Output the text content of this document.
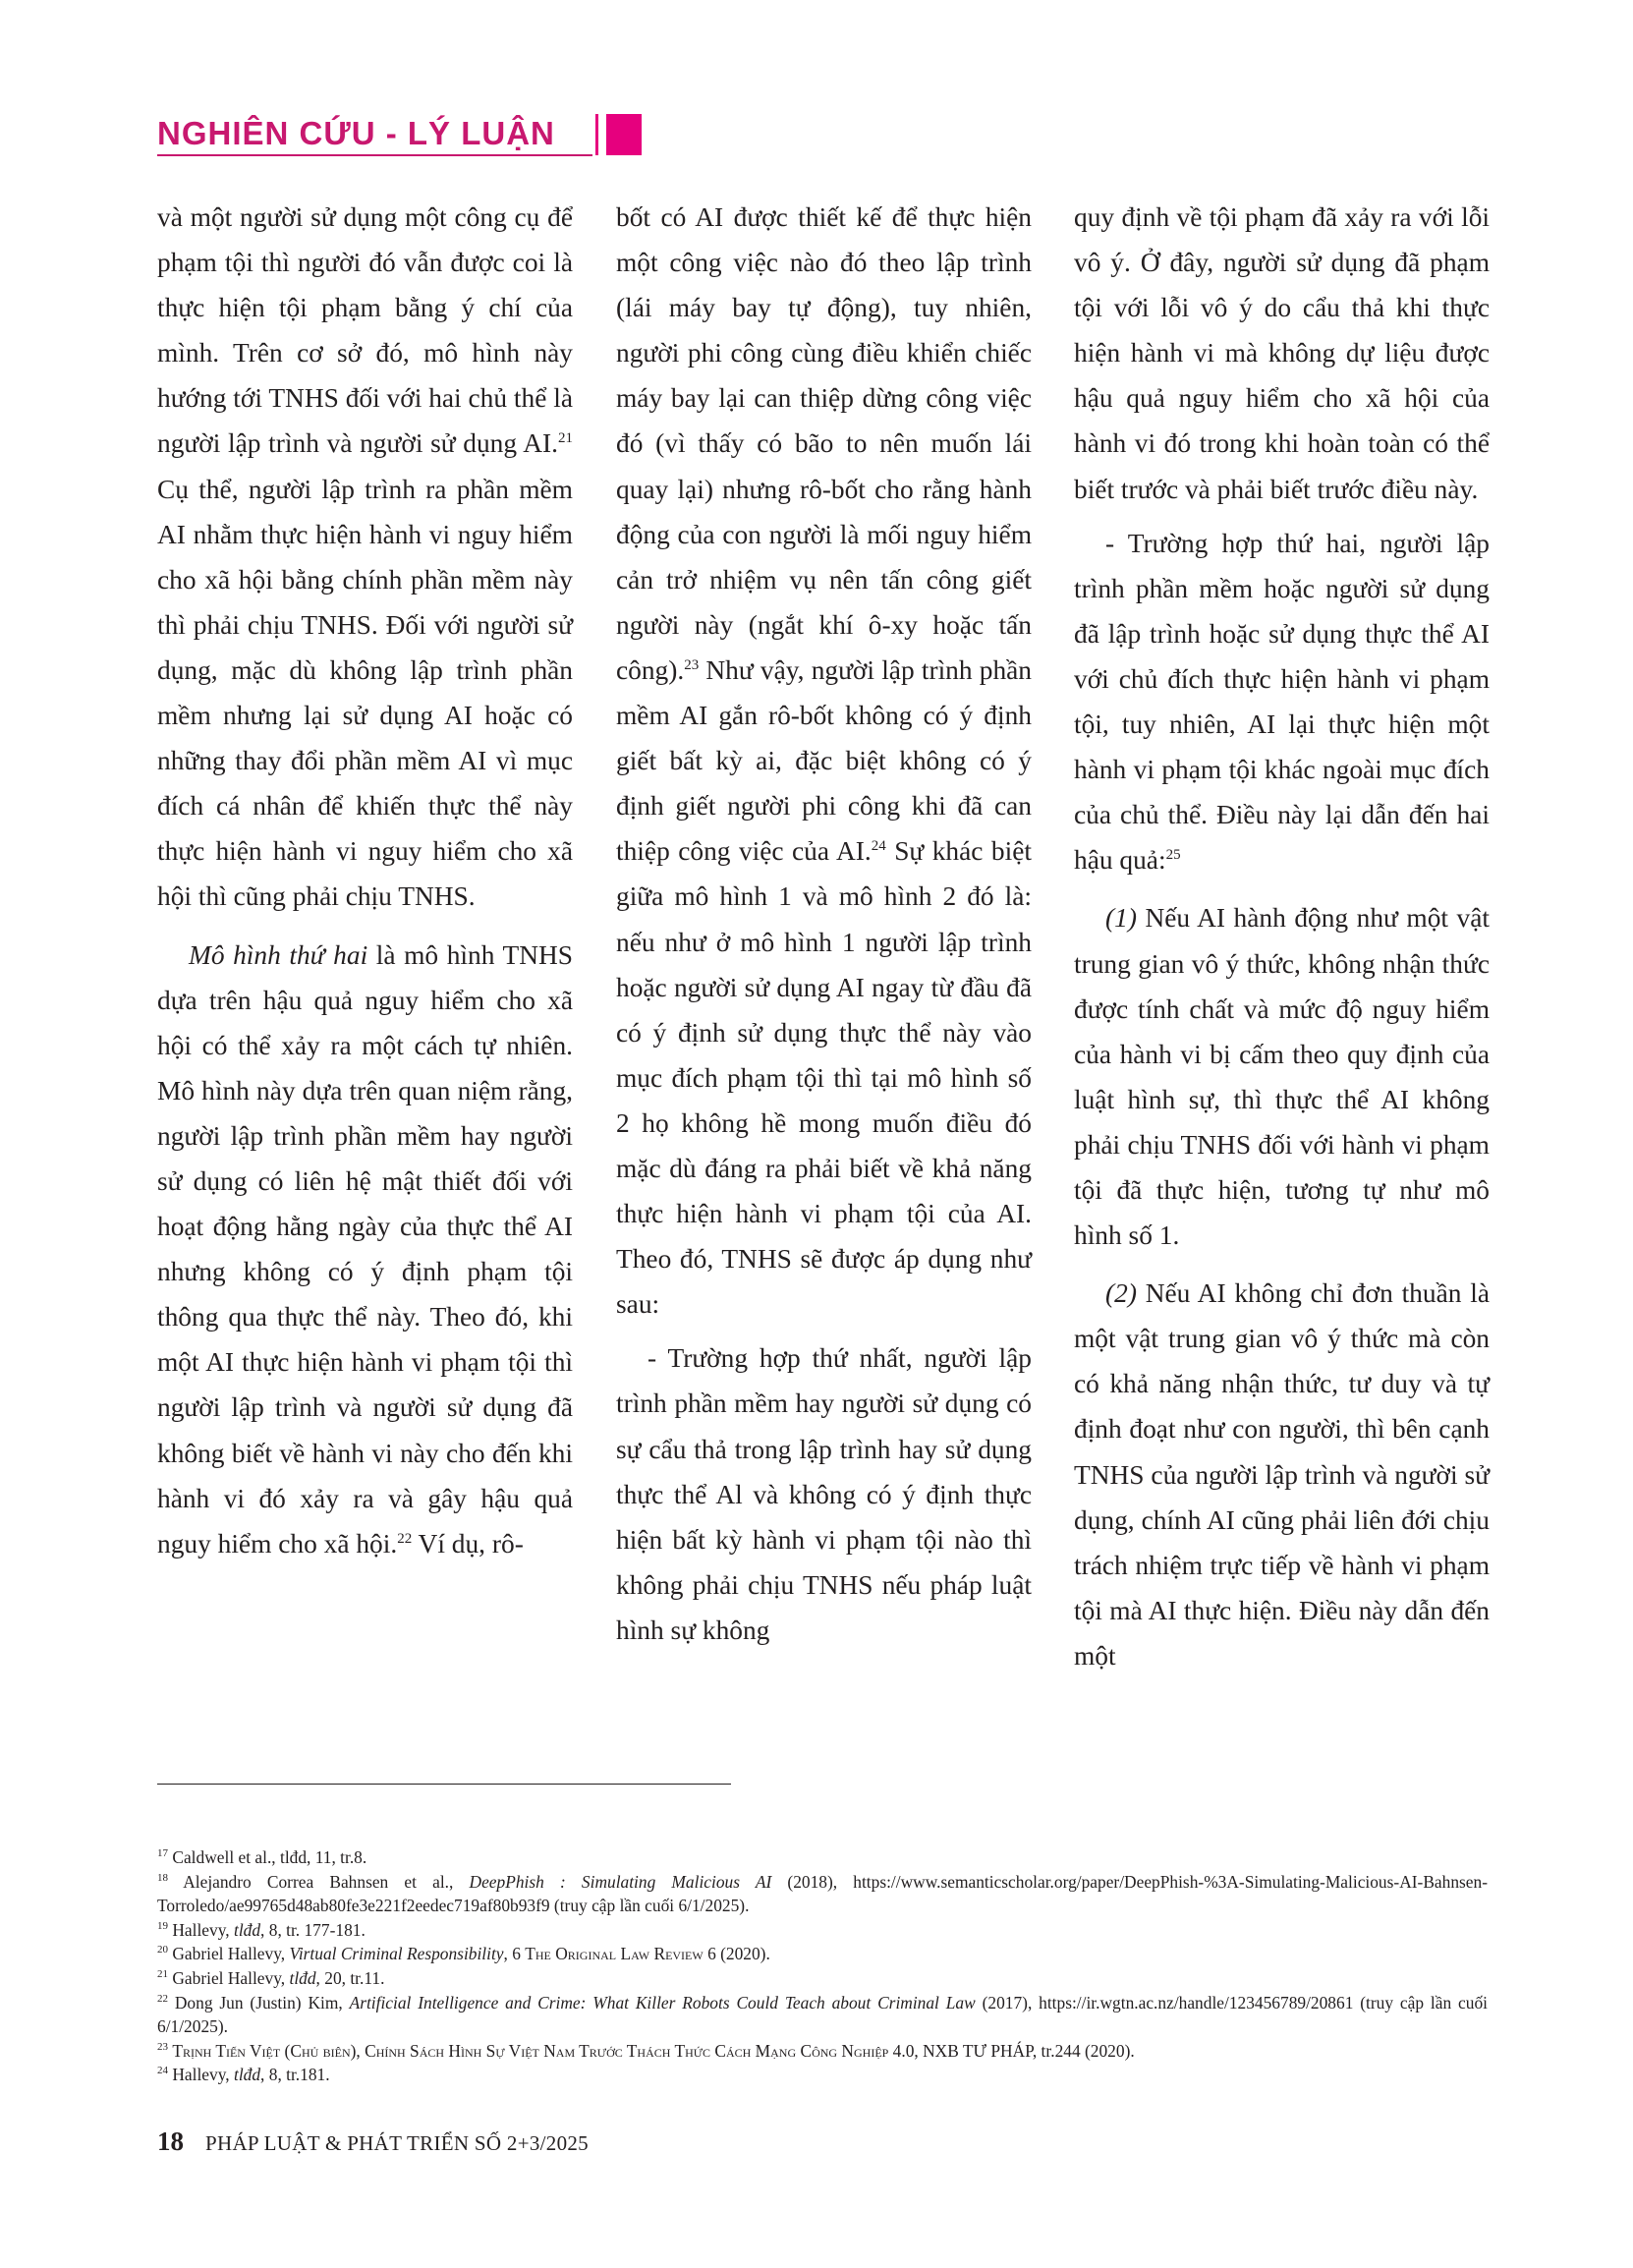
NGHIÊN CỨU - LÝ LUẬN

và một người sử dụng một công cụ để phạm tội thì người đó vẫn được coi là thực hiện tội phạm bằng ý chí của mình. Trên cơ sở đó, mô hình này hướng tới TNHS đối với hai chủ thể là người lập trình và người sử dụng AI.$^{21}$ Cụ thể, người lập trình ra phần mềm AI nhằm thực hiện hành vi nguy hiểm cho xã hội bằng chính phần mềm này thì phải chịu TNHS. Đối với người sử dụng, mặc dù không lập trình phần mềm nhưng lại sử dụng AI hoặc có những thay đổi phần mềm AI vì mục đích cá nhân để khiến thực thể này thực hiện hành vi nguy hiểm cho xã hội thì cũng phải chịu TNHS.

Mô hình thứ hai là mô hình TNHS dựa trên hậu quả nguy hiểm cho xã hội có thể xảy ra một cách tự nhiên. Mô hình này dựa trên quan niệm rằng, người lập trình phần mềm hay người sử dụng có liên hệ mật thiết đối với hoạt động hằng ngày của thực thể AI nhưng không có ý định phạm tội thông qua thực thể này. Theo đó, khi một AI thực hiện hành vi phạm tội thì người lập trình và người sử dụng đã không biết về hành vi này cho đến khi hành vi đó xảy ra và gây hậu quả nguy hiểm cho xã hội.$^{22}$ Ví dụ, rô-

bốt có AI được thiết kế để thực hiện một công việc nào đó theo lập trình (lái máy bay tự động), tuy nhiên, người phi công cùng điều khiển chiếc máy bay lại can thiệp dừng công việc đó (vì thấy có bão to nên muốn lái quay lại) nhưng rô-bốt cho rằng hành động của con người là mối nguy hiểm cản trở nhiệm vụ nên tấn công giết người này (ngắt khí ô-xy hoặc tấn công).$^{23}$ Như vậy, người lập trình phần mềm AI gắn rô-bốt không có ý định giết bất kỳ ai, đặc biệt không có ý định giết người phi công khi đã can thiệp công việc của AI.$^{24}$ Sự khác biệt giữa mô hình 1 và mô hình 2 đó là: nếu như ở mô hình 1 người lập trình hoặc người sử dụng AI ngay từ đầu đã có ý định sử dụng thực thể này vào mục đích phạm tội thì tại mô hình số 2 họ không hề mong muốn điều đó mặc dù đáng ra phải biết về khả năng thực hiện hành vi phạm tội của AI. Theo đó, TNHS sẽ được áp dụng như sau:

- Trường hợp thứ nhất, người lập trình phần mềm hay người sử dụng có sự cẩu thả trong lập trình hay sử dụng thực thể Al và không có ý định thực hiện bất kỳ hành vi phạm tội nào thì không phải chịu TNHS nếu pháp luật hình sự không

quy định về tội phạm đã xảy ra với lỗi vô ý. Ở đây, người sử dụng đã phạm tội với lỗi vô ý do cẩu thả khi thực hiện hành vi mà không dự liệu được hậu quả nguy hiểm cho xã hội của hành vi đó trong khi hoàn toàn có thể biết trước và phải biết trước điều này.

- Trường hợp thứ hai, người lập trình phần mềm hoặc người sử dụng đã lập trình hoặc sử dụng thực thể AI với chủ đích thực hiện hành vi phạm tội, tuy nhiên, AI lại thực hiện một hành vi phạm tội khác ngoài mục đích của chủ thể. Điều này lại dẫn đến hai hậu quả:$^{25}$

(1) Nếu AI hành động như một vật trung gian vô ý thức, không nhận thức được tính chất và mức độ nguy hiểm của hành vi bị cấm theo quy định của luật hình sự, thì thực thể AI không phải chịu TNHS đối với hành vi phạm tội đã thực hiện, tương tự như mô hình số 1.

(2) Nếu AI không chỉ đơn thuần là một vật trung gian vô ý thức mà còn có khả năng nhận thức, tư duy và tự định đoạt như con người, thì bên cạnh TNHS của người lập trình và người sử dụng, chính AI cũng phải liên đới chịu trách nhiệm trực tiếp về hành vi phạm tội mà AI thực hiện. Điều này dẫn đến một

$^{17}$ Caldwell et al., tlđd, 11, tr.8.

$^{18}$ Alejandro Correa Bahnsen et al., DeepPhish : Simulating Malicious AI (2018), https://www.semanticscholar.org/paper/DeepPhish-%3A-Simulating-Malicious-AI-Bahnsen-Torroledo/ae99765d48ab80fe3e221f2eedec719af80b93f9 (truy cập lần cuối 6/1/2025).

$^{19}$ Hallevy, tlđd, 8, tr. 177-181.

$^{20}$ Gabriel Hallevy, Virtual Criminal Responsibility, 6 The Original Law Review 6 (2020).

$^{21}$ Gabriel Hallevy, tlđd, 20, tr.11.

$^{22}$ Dong Jun (Justin) Kim, Artificial Intelligence and Crime: What Killer Robots Could Teach about Criminal Law (2017), https://ir.wgtn.ac.nz/handle/123456789/20861 (truy cập lần cuối 6/1/2025).

$^{23}$ Trịnh Tiến Việt (Chủ biên), Chính Sách Hình Sự Việt Nam Trước Thách Thức Cách Mạng Công Nghiệp 4.0, NXB TƯ PHÁP, tr.244 (2020).

$^{24}$ Hallevy, tlđd, 8, tr.181.

18 PHÁP LUẬT & PHÁT TRIỂN SỐ 2+3/2025
